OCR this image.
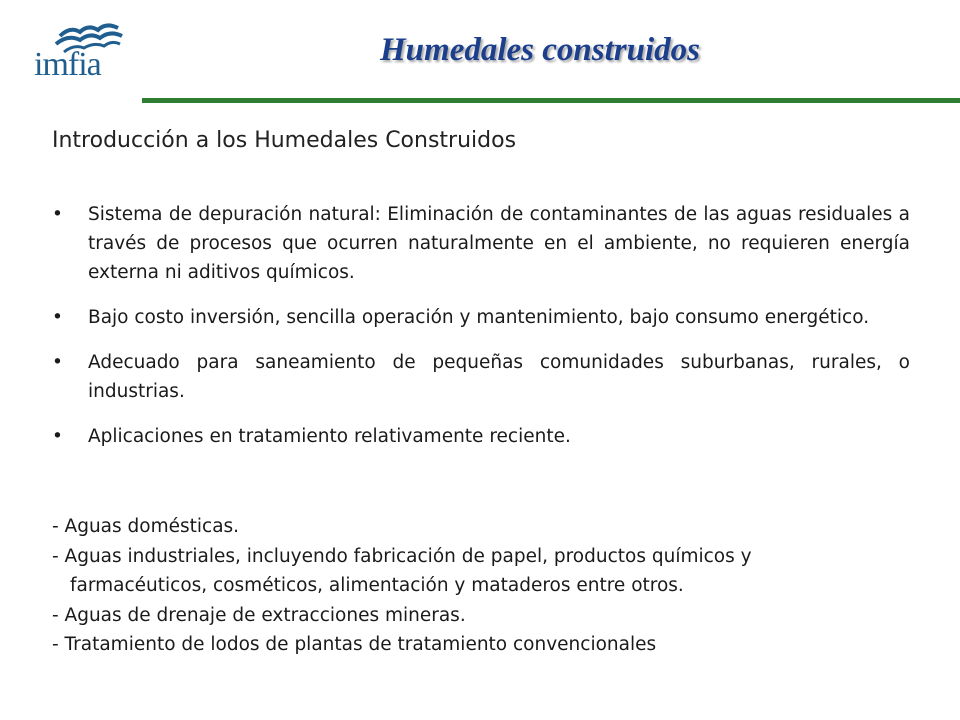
imfia	Humedales construidos
Introducción a los Humedales Construidos
• Sistema de depuración natural: Eliminación de contaminantes de las aguas residuales a través de procesos que ocurren naturalmente en el ambiente, no requieren energía externa ni aditivos químicos.
• Bajo costo inversión, sencilla operación y mantenimiento, bajo consumo energético.
• Adecuado para saneamiento de pequeñas comunidades suburbanas, rurales, o industrias.
• Aplicaciones en tratamiento relativamente reciente.
- Aguas domésticas.
- Aguas industriales, incluyendo fabricación de papel, productos químicos y
farmacéuticos, cosméticos, alimentación y mataderos entre otros.
- Aguas de drenaje de extracciones mineras.
- Tratamiento de lodos de plantas de tratamiento convencionales
